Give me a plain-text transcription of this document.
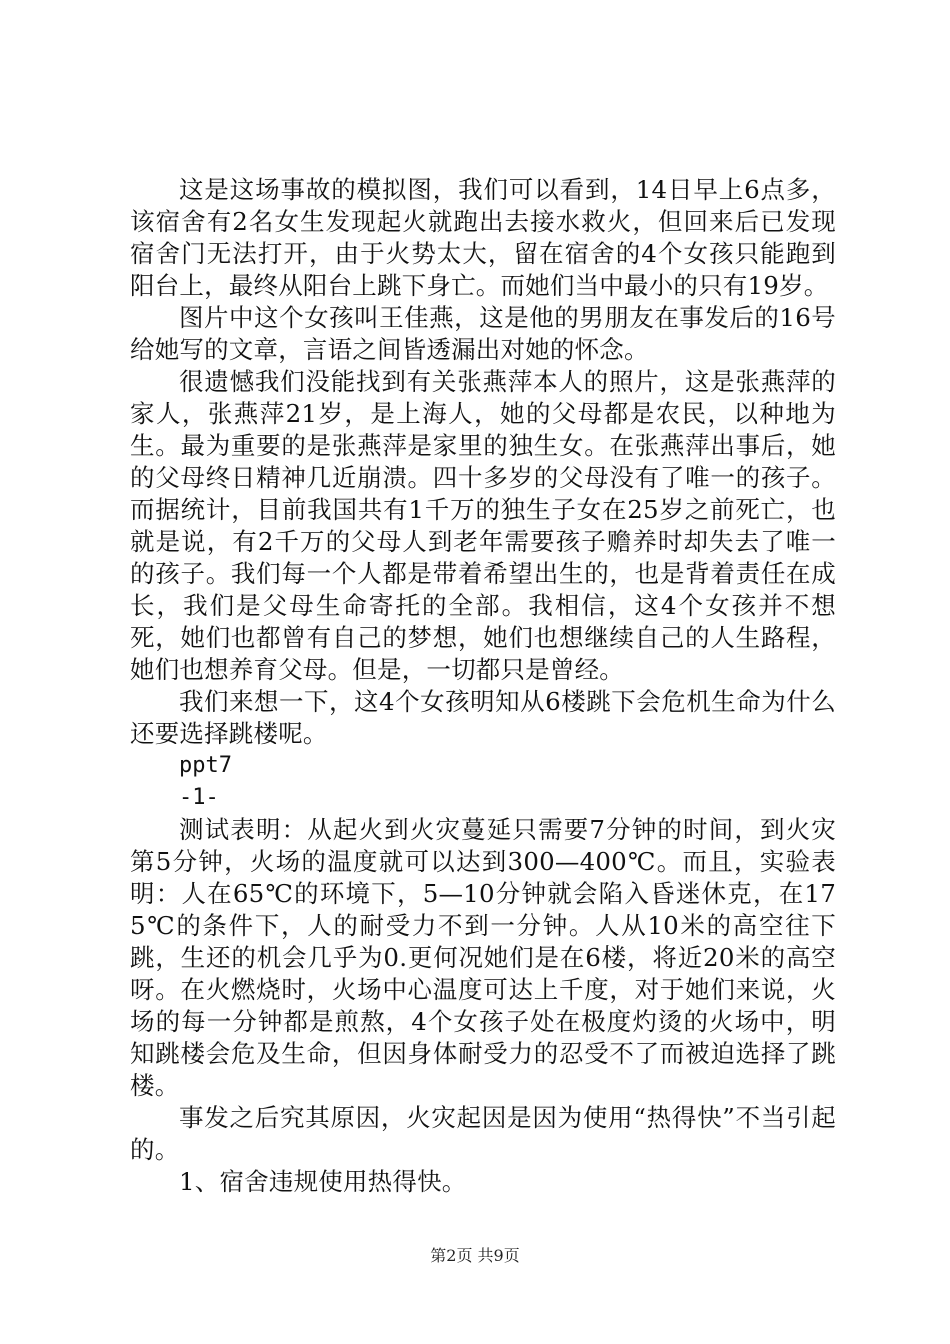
这是这场事故的模拟图，我们可以看到，14日早上6点多，该宿舍有2名女生发现起火就跑出去接水救火，但回来后已发现宿舍门无法打开，由于火势太大，留在宿舍的4个女孩只能跑到阳台上，最终从阳台上跳下身亡。而她们当中最小的只有19岁。

图片中这个女孩叫王佳燕，这是他的男朋友在事发后的16号给她写的文章，言语之间皆透漏出对她的怀念。

很遗憾我们没能找到有关张燕萍本人的照片，这是张燕萍的家人，张燕萍21岁，是上海人，她的父母都是农民，以种地为生。最为重要的是张燕萍是家里的独生女。在张燕萍出事后，她的父母终日精神几近崩溃。四十多岁的父母没有了唯一的孩子。而据统计，目前我国共有1千万的独生子女在25岁之前死亡，也就是说，有2千万的父母人到老年需要孩子赡养时却失去了唯一的孩子。我们每一个人都是带着希望出生的，也是背着责任在成长，我们是父母生命寄托的全部。我相信，这4个女孩并不想死，她们也都曾有自己的梦想，她们也想继续自己的人生路程，她们也想养育父母。但是，一切都只是曾经。

我们来想一下，这4个女孩明知从6楼跳下会危机生命为什么还要选择跳楼呢。

ppt7

-1-

测试表明：从起火到火灾蔓延只需要7分钟的时间，到火灾第5分钟，火场的温度就可以达到300—400℃。而且，实验表明：人在65℃的环境下，5—10分钟就会陷入昏迷休克，在175℃的条件下，人的耐受力不到一分钟。人从10米的高空往下跳，生还的机会几乎为0.更何况她们是在6楼，将近20米的高空呀。在火燃烧时，火场中心温度可达上千度，对于她们来说，火场的每一分钟都是煎熬，4个女孩子处在极度灼烫的火场中，明知跳楼会危及生命，但因身体耐受力的忍受不了而被迫选择了跳楼。

事发之后究其原因，火灾起因是因为使用“热得快”不当引起的。

1、宿舍违规使用热得快。

第2页 共9页
